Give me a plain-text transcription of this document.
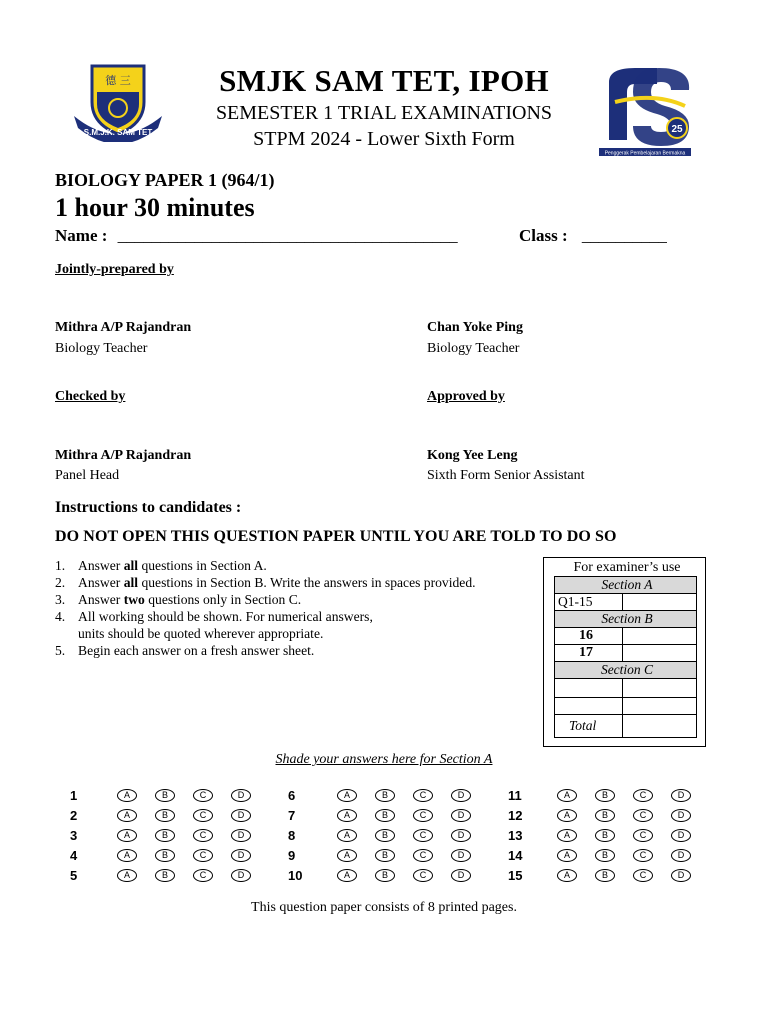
德 三
S.M.J.K. SAM TET	25
Penggerak Pembelajaran Bermakna
SMJK SAM TET, IPOH
SEMESTER 1 TRIAL EXAMINATIONS
STPM 2024 - Lower Sixth Form
BIOLOGY PAPER 1 (964/1)
1 hour 30 minutes
Name : ________________________________________	Class : __________
Jointly-prepared by
Mithra A/P Rajandran
Biology Teacher
Chan Yoke Ping
Biology Teacher
Checked by	Approved by
Mithra A/P Rajandran
Panel Head
Kong Yee Leng
Sixth Form Senior Assistant
Instructions to candidates :
DO NOT OPEN THIS QUESTION PAPER UNTIL YOU ARE TOLD TO DO SO
1. Answer all questions in Section A.
2. Answer all questions in Section B. Write the answers in spaces provided.
3. Answer two questions only in Section C.
4. All working should be shown. For numerical answers,
units should be quoted wherever appropriate.
5. Begin each answer on a fresh answer sheet.
For examiner’s use	
Section A	
Q1-15	
Section B	
16	
17	
Section C	

Total	
Shade your answers here for Section A
1	A	B	C	D
2	A	B	C	D
3	A	B	C	D
4	A	B	C	D
5	A	B	C	D
6	A	B	C	D
7	A	B	C	D
8	A	B	C	D
9	A	B	C	D
10	A	B	C	D
11	A	B	C	D
12	A	B	C	D
13	A	B	C	D
14	A	B	C	D
15	A	B	C	D
This question paper consists of 8 printed pages.
